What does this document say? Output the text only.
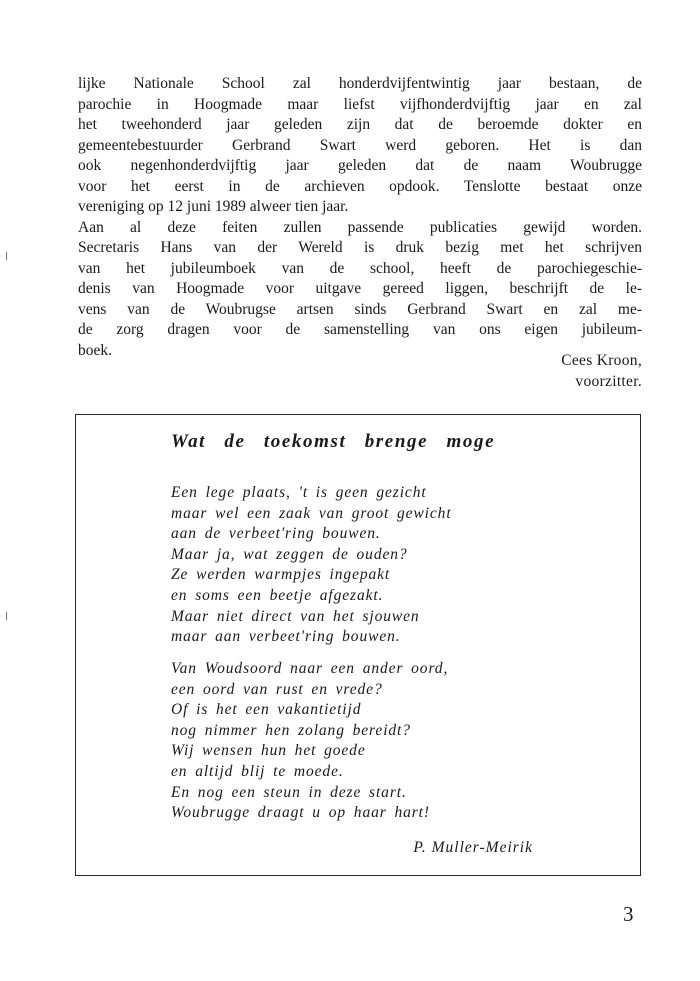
lijke Nationale School zal honderdvijfentwintig jaar bestaan, de
parochie in Hoogmade maar liefst vijfhonderdvijftig jaar en zal
het tweehonderd jaar geleden zijn dat de beroemde dokter en
gemeentebestuurder Gerbrand Swart werd geboren. Het is dan
ook negenhonderdvijftig jaar geleden dat de naam Woubrugge
voor het eerst in de archieven opdook. Tenslotte bestaat onze
vereniging op 12 juni 1989 alweer tien jaar.
Aan al deze feiten zullen passende publicaties gewijd worden.
Secretaris Hans van der Wereld is druk bezig met het schrijven
van het jubileumboek van de school, heeft de parochiegeschie-
denis van Hoogmade voor uitgave gereed liggen, beschrijft de le-
vens van de Woubrugse artsen sinds Gerbrand Swart en zal me-
de zorg dragen voor de samenstelling van ons eigen jubileum-
boek.
Cees Kroon,
voorzitter.

Wat de toekomst brenge moge

Een lege plaats, 't is geen gezicht
maar wel een zaak van groot gewicht
aan de verbeet'ring bouwen.
Maar ja, wat zeggen de ouden?
Ze werden warmpjes ingepakt
en soms een beetje afgezakt.
Maar niet direct van het sjouwen
maar aan verbeet'ring bouwen.
Van Woudsoord naar een ander oord,
een oord van rust en vrede?
Of is het een vakantietijd
nog nimmer hen zolang bereidt?
Wij wensen hun het goede
en altijd blij te moede.
En nog een steun in deze start.
Woubrugge draagt u op haar hart!

P. Muller-Meirik

3
